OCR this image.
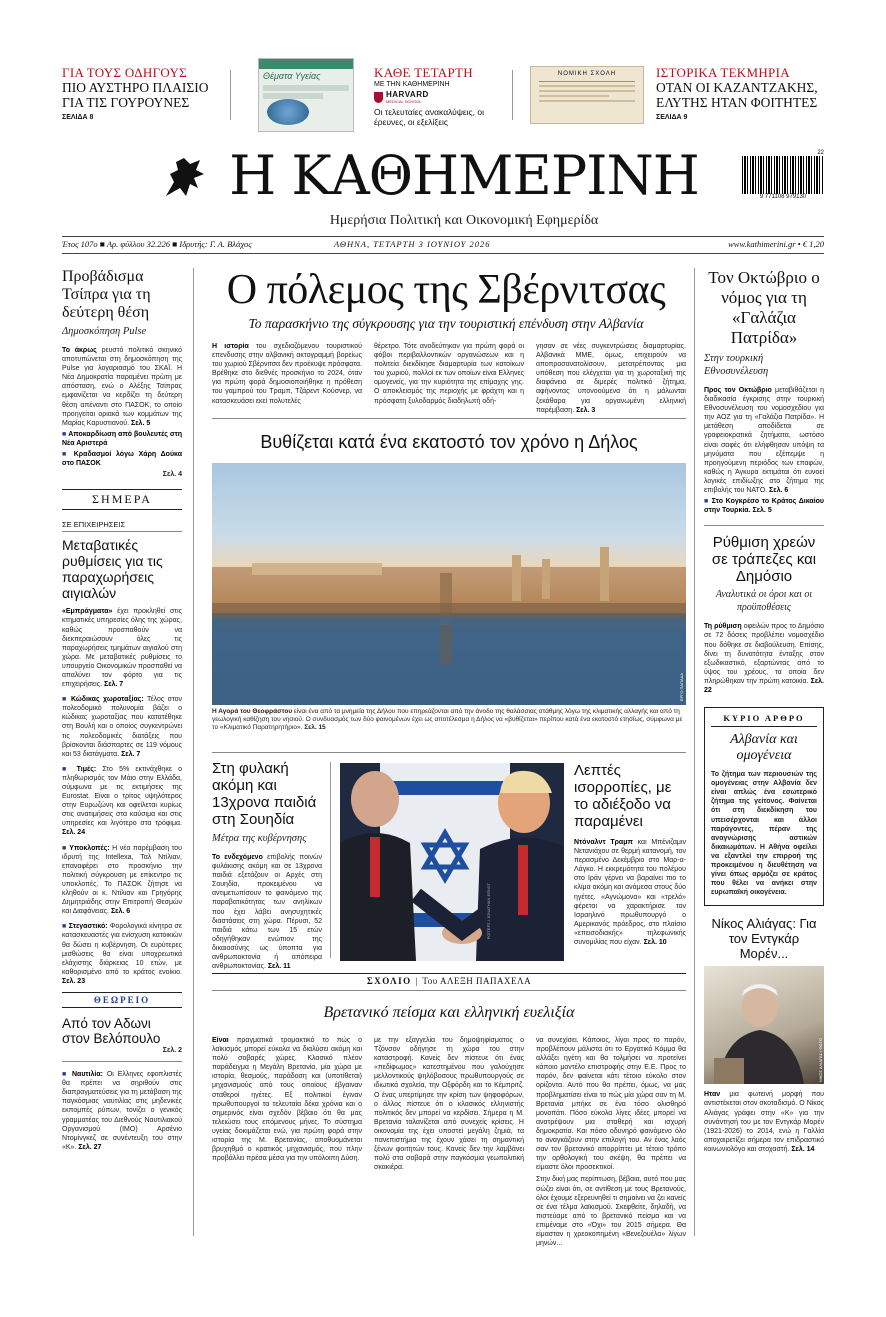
ΓΙΑ ΤΟΥΣ ΟΔΗΓΟΥΣ
ΠΙΟ ΑΥΣΤΗΡΟ ΠΛΑΙΣΙΟ ΓΙΑ ΤΙΣ ΓΟΥΡΟΥΝΕΣ
ΣΕΛΙΔΑ 8
Θέματα Υγείας	ΚΑΘΕ ΤΕΤΑΡΤΗ
ΜΕ ΤΗΝ ΚΑΘΗΜΕΡΙΝΗ
HARVARD
MEDICAL SCHOOL
Οι τελευταίες ανακαλύψεις, οι έρευνες, οι εξελίξεις
ΝΟΜΙΚΗ ΣΧΟΛΗ	ΙΣΤΟΡΙΚΑ ΤΕΚΜΗΡΙΑ
ΟΤΑΝ ΟΙ ΚΑΖΑΝΤΖΑΚΗΣ, ΕΛΥΤΗΣ ΗΤΑΝ ΦΟΙΤΗΤΕΣ
ΣΕΛΙΔΑ 9
Η ΚΑΘΗΜΕΡΙΝΗ
Ημερήσια Πολιτική και Οικονομική Εφημερίδα
22
9 771108 979130
Έτος 107ο ■ Αρ. φύλλου 32.226 ■ Ιδρυτής: Γ. Α. Βλάχος	ΑΘΗΝΑ, ΤΕΤΑΡΤΗ 3 ΙΟΥΝΙΟΥ 2026	www.kathimerini.gr • € 1,20
Προβάδισμα Τσίπρα για τη δεύτερη θέση
Δημοσκόπηση Pulse

Το άκρως ρευστό πολιτικό σκηνικό αποτυπώνεται στη δημοσκόπηση της Pulse για λογαριασμό του ΣΚΑΪ. Η Νέα Δημοκρατία παραμένει πρώτη με απόσταση, ενώ ο Αλέξης Τσίπρας εμφανίζεται να κερδίζει τη δεύτερη θέση απέναντι στο ΠΑΣΟΚ, το οποίο προηγείται οριακά των κομμάτων της Μαρίας Καρυστιανού. Σελ. 5

■ Αποκαρδίωση από βουλευτές στη Νέα Αριστερά
■ Κραδασμοί λόγω Χάρη Δούκα στο ΠΑΣΟΚ
Σελ. 4
ΣΗΜΕΡΑ
ΣΕ ΕΠΙΧΕΙΡΗΣΕΙΣ
Μεταβατικές ρυθμίσεις για τις παραχωρήσεις αιγιαλών

«Εμπράγματα» έχει προκληθεί στις κτηματικές υπηρεσίες όλης της χώρας, καθώς προσπαθούν να διεκπεραιώσουν όλες τις παραχωρήσεις τμημάτων αιγιαλού στη χώρα. Με μεταβατικές ρυθμίσεις το υπουργείο Οικονομικών προσπαθεί να απαλύνει τον φόρτο για τις επιχειρήσεις. Σελ. 7

■ Κώδικας χωροταξίας: Τέλος στον πολεοδομικό πολυνομία βάζει ο κώδικας χωροταξίας που κατατέθηκε στη Βουλή και ο οποίος συγκεντρώνει τις πολεοδομικές διατάξεις που βρίσκονται διάσπαρτες σε 119 νόμους και 53 διατάγματα. Σελ. 7

■ Τιμές: Στο 5% εκτινάχθηκε ο πληθωρισμός τον Μάιο στην Ελλάδα, σύμφωνα με τις εκτιμήσεις της Eurostat. Είναι ο τρίτος υψηλότερος στην Ευρωζώνη και οφείλεται κυρίως στις ανατιμήσεις στα καύσιμα και στις υπηρεσίες και λιγότερο στα τρόφιμα. Σελ. 24

■ Υποκλοπές: Η νέα παρέμβαση του ιδρυτή της Intellexa, Ταλ Ντίλιαν, επαναφέρει στο προσκήνιο την πολιτική σύγκρουση με επίκεντρο τις υποκλοπές. Το ΠΑΣΟΚ ζήτησε να κληθούν οι κ. Ντίλιαν και Γρηγόρης Δημητριάδης στην Επιτροπή Θεσμών και Διαφάνειας. Σελ. 6

■ Στεγαστικό: Φορολογικά κίνητρα σε κατασκευαστές για ενίσχυση κατοικιών θα δώσει η κυβέρνηση. Οι ευρύτερες μισθώσεις θα είναι υποχρεωτικά ελάχιστης διάρκειας 10 ετών, με καθορισμένο από το κράτος ενοίκιο. Σελ. 23

ΘΕΩΡΕΙΟ
Από τον Αδωνι στον Βελόπουλο
Σελ. 2

■ Ναυτιλία: Οι Ελληνες εφοπλιστές θα πρέπει να σηριθούν στις διαπραγματεύσεις για τη μετάβαση της παγκόσμιας ναυτιλίας στις μηδενικές εκπομπές ρύπων, τονίζει ο γενικός γραμματέας του Διεθνούς Ναυτιλιακού Οργανισμού (ΙΜΟ) Αρσένιο Ντομίνγκεζ σε συνέντευξη του στην «Κ». Σελ. 27

Ο πόλεμος της Σβέρνιτσας
Το παρασκήνιο της σύγκρουσης για την τουριστική επένδυση στην Αλβανία

Η ιστορία του σχεδιαζόμενου τουριστικού επενδυσης στην αλβανική ακτογραμμή βορείως του χωριού Σβέρνιτσα δεν προέκυψε πρόσφατα. Βρέθηκε στο διεθνές προσκήνιο το 2024, όταν για πρώτη φορά δημοσιοποιήθηκε η πρόθεση του γαμπρού του Τραμπ, Τζάρεντ Κούσνερ, να κατασκευάσει εκεί πολυτελές

θέρετρο. Τότε ανοδεύτηκαν για πρώτη φορά οι φόβοι περιβαλλοντικών οργανώσεων και η πολιτεία διεκδίκησε διαμαρτυρία των κατοίκων του χωριού, πολλοί εκ των οποίων είναι Ελληνες ομογενείς, για την κυριότητα της επίμαχης γης. Ο αποκλεισμός της περιοχής με φράχτη και η πρόσφατη ξυλοδαρμός διαδηλωτή οδή-

γησαν σε νέες συγκεντρώσεις διαμαρτυρίας. Αλβανικά ΜΜΕ, όμως, επιχειρούν να αποπροσανατολίσουν, μετατρέποντας μια υπόθεση που ελέγχεται για τη χωροταξική της διαφάνεια σε διμερές πολιτικό ζήτημα, αφήνοντας υπονοούμενα ότι η μάλωνται ξεκάθαρα για οργανωμένη ελληνική παρέμβαση. Σελ. 3

Βυθίζεται κατά ένα εκατοστό τον χρόνο η Δήλος
ΕΡΓΟ ΠΑΠΑΔΑ

Η Αγορά του Θεοφράστου είναι ένα από τα μνημεία της Δήλου που επηρεάζονται από την άνοδο της θαλάσσιας στάθμης λόγω της κλιματικής αλλαγής και από τη γεωλογική καθίζηση του νησιού. Ο συνδυασμός των δύο φαινομένων έχει ως αποτέλεσμα η Δήλος να «βυθίζεται» περίπου κατά ένα εκατοστό ετησίως, σύμφωνα με το «Κλιματικό Παρατηρητήριο». Σελ. 15

Στη φυλακή ακόμη και 13χρονα παιδιά στη Σουηδία
Μέτρα της κυβέρνησης

Το ενδεχόμενο επιβολής ποινών φυλάκισης ακόμη και σε 13χρονα παιδιά εξετάζουν οι Αρχές στη Σουηδία, προκειμένου να αντιμετωπίσουν το φαινόμενο της παραβατικότητας των ανηλίκων που έχει λάβει ανησυχητικές διαστάσεις στη χώρα. Πέρυσι, 52 παιδιά κάτω των 15 ετών οδηγήθηκαν ενώπιον της δικαιοσύνης ως ύποπτα για ανθρωποκτονία ή απόπειρα ανθρωποκτονίας. Σελ. 11

ΡΟΪΤΕΡΣ / JONATHAN ERNST
Λεπτές ισορροπίες, με το αδιέξοδο να παραμένει

Ντόναλντ Τραμπ και Μπένιζαμιν Νετανιάχου σε θερμή κατανομή, τον περασμένο Δεκέμβριο στο Μαρ-α-Λάγκο. Η εκκρεμότητα του πολέμου στο Ιράν γέρνει να βαραίνει πιο το κλίμα ακόμη και ανάμεσα στους δύο ηγέτες. «Αγνώμονα» και «τρελό» φέρεται να χαρακτήρισε τον Ισραηλινό πρωθυπουργό ο Αμερικανός πρόεδρος, στο πλαίσιο «επεισοδιακής» τηλεφωνικής συνομιλίας που είχαν. Σελ. 10

ΣΧΟΛΙΟ | Του ΑΛΕΞΗ ΠΑΠΑΧΕΛΑ
Βρετανικό πείσμα και ελληνική ευελιξία

Είναι πραγματικά τρομακτικό το πώς ο λαϊκισμός μπορεί εύκολα να διαλύσει ακόμη και πολύ σοβαρές χώρες. Κλασικό πλέον παράδειγμα η Μεγάλη Βρετανία, μία χώρα με ιστορία, θεσμούς, παράδοση και (υποτίθεται) μηχανισμούς από τους οποίους έβγαιναν σταθεροί ηγέτες. Εξ πολιτικοί έγιναν πρωθυπουργοί τα τελευταία δέκα χρόνια και ο σημερινός είναι σχεδόν βέβαιο ότι θα μας τελειώσει τους επόμενους μήνες. Το σύστημα υγείας δοκιμάζεται ενώ, για πρώτη φορά στην ιστορία της Μ. Βρετανίας, αποθυομάνεται βρυχηθμό ο κρατικός μηχανισμός, που πλην προβάλλει πρέσα μέσα για την υπόλοιπη Δύση.

με την εξαγγελία του δημοψηφίσματος ο Τζόνσον οδήγησε τη χώρα του στην καταστροφή. Κανείς δεν πίστευε ότι ένας «πεδίφωμος» κατεστημένου που γαλούχησε μελλοντικούς ψηλόβοσους πρωθυπουργούς σε ιδιωτικά σχολεία, την Οξφόρδη και το Κέμπριτζ. Ο ένας υπερτίμησε την κρίση των ψηφοφόρων, ο άλλος πίστευε ότι ο κλασικός ελληνιστής πολιτικός δεν μπορεί να κερδίσει. Σήμερα η Μ. Βρετανία ταλανίζεται από συνεχείς κρίσεις. Η οικονομία της έχει υποστεί μεγάλη ζημιά, τα πανεπιστήμια της έχουν χάσει τη σημαντική ξένων φοιτητών τους. Κανείς δεν την λαμβάνει πολύ στα σοβαρά στην παγκόσμια γεωπολιτική σκακιέρα.

να συνεχίσει. Κάποιος, λίγοι προς το παρόν, προβλέπουν μάλιστα ότι το Εργατικό Κόμμα θα αλλάξει ηγέτη και θα τολμήσει να προτείνει κάποιο μοντέλο επιστροφής στην Ε.Ε. Προς το παρόν, δεν φαίνεται κάτι τέτοιο εύκολο στον ορίζοντα. Αυτό που θα πρέπει, όμως, να μας προβληματίσει είναι το πώς μία χώρα σαν τη Μ. Βρετανία μπήκε σε ένα τόσο ολισθηρό μονοπάτι. Πόσο εύκολα λίγες ιδέες μπορεί να ανατρέψουν μια σταθερή και ισχυρή δημοκρατία. Και πόσο οδυνηρό φαινόμενο όλο το αναγκάζουν στην επιλογή του. Αν ένας λαός σαν τον βρετανικό απορρίπτει με τέτοιο τρόπο την ορθολογική του σκέψη, θα πρέπει να είμαστε όλοι προσεκτικοί.

Στην δική μας περίπτωση, βέβαια, αυτό που μας σώζει είναι ότι, σε αντίθεση με τους Βρετανούς, όλοι έχουμε εξερευνηθεί τι σημαίνει να ζει κανείς σε ένα τέλμα λαϊκισμού. Σκεφθείτε, δηλαδή, να πιστεύαμε από το βρετανικό πείσμα και να επιμέναμε στο «Όχι» του 2015 σήμερα. Θα είμασταν η χρεοκοπημένη «Βενεζουέλα» λίγων μηνών...

Τον Οκτώβριο ο νόμος για τη «Γαλάζια Πατρίδα»
Στην τουρκική Εθνοσυνέλευση

Προς τον Οκτώβριο μεταβιθάζεται η διαδικασία έγκρισης στην τουρκική Εθνοσυνέλευση του νομοσχεδίου για την ΑΟΖ για τη «Γαλάζια Πατρίδα». Η μετάθεση αποδίδεται σε γραφειοκρατικά ζητήματα, ωστόσο είναι σαφές ότι ελήφθησαν υπόψη τα μηνύματα που εξέπεμψε η προηγούμενη περιόδος των επαφών, καθώς η Άγκυρα εκτιμάται ότι ευνοεί λογικές επιδίωξης στο ζήτημα της επιβολής του ΝΑΤΟ. Σελ. 6

■ Στο Κογκρέσο το Κράτος Δικαίου στην Τουρκία. Σελ. 5

Ρύθμιση χρεών σε τράπεζες και Δημόσιο
Αναλυτικά οι όροι και οι προϋποθέσεις

Τη ρύθμιση οφειλών προς το Δημόσιο σε 72 δόσεις προβλέπει νομοσχέδιο που δόθηκε σε διαβούλευση. Επίσης, δίνει τη δυνατότητα ένταξης στον εξωδικαστικό, εξαρτώντας από το ύψος του χρέους, τα οποία δεν πληρώθηκαν την πρώτη κατοικία. Σελ. 22

ΚΥΡΙΟ ΑΡΘΡΟ
Αλβανία και ομογένεια

Το ζήτημα των περιουσιών της ομογένειας στην Αλβανία δεν είναι απλώς ένα εσωτερικό ζήτημα της γείτονος. Φαίνεται ότι στη διεκδίκηση του υπεισέρχονται και άλλοι παράγοντες, πέραν της αναγνώρισης αστικών δικαιωμάτων. Η Αθήνα οφείλει να εξαντλεί την επιρροή της προκειμένου η διευθέτηση να γίνει όπως αρμόζει σε κράτος που θέλει να ανήκει στην ευρωπαϊκή οικογένεια.

Νίκος Αλιάγας: Για τον Εντγκάρ Μορέν...
ΝΙΚΟΣ ΑΛΙΑΓΑΣ / ΦΩΤΟ

Ηταν μια φωτεινή μορφή που αντιστέκεται στον σκοταδισμό. Ο Νίκος Αλιάγας γράφει στην «Κ» για την συνάντησή του με τον Εντγκάρ Μορέν (1921-2026) το 2014, ενώ η Γαλλία αποχαιρετίζει σήμερα τον επιδραστικό κοινωνιολόγο και στοχαστή. Σελ. 14
